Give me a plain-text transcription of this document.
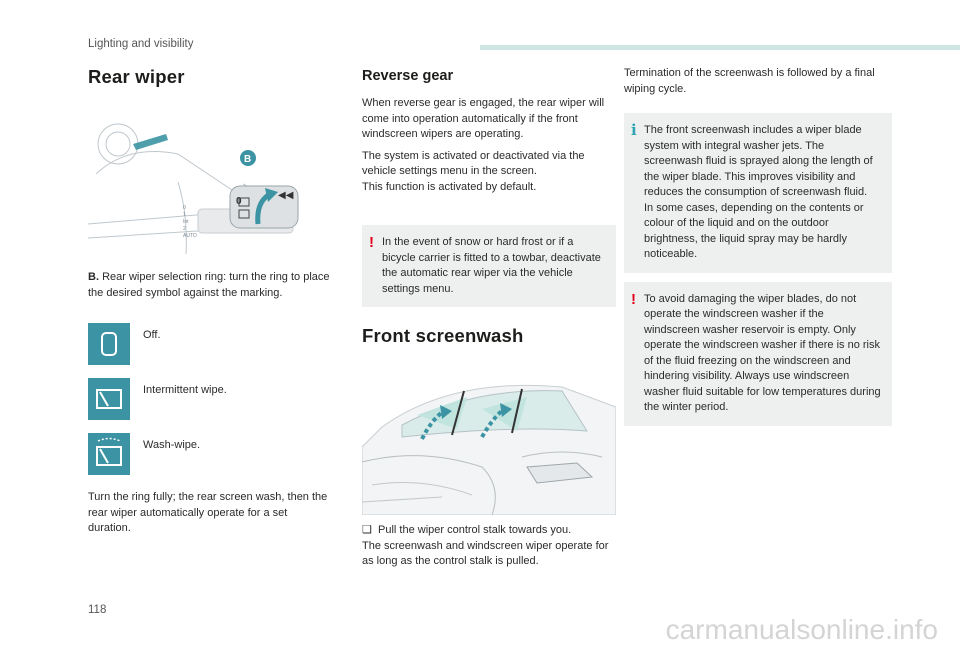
Lighting and visibility
Rear wiper
0
1
Int
2
AUTO
0
◀◀
B

B. Rear wiper selection ring: turn the ring to place the desired symbol against the marking.

Off.
Intermittent wipe.
Wash-wipe.

Turn the ring fully; the rear screen wash, then the rear wiper automatically operate for a set duration.

Reverse gear

When reverse gear is engaged, the rear wiper will come into operation automatically if the front windscreen wipers are operating.

The system is activated or deactivated via the vehicle settings menu in the screen.

This function is activated by default.

! In the event of snow or hard frost or if a bicycle carrier is fitted to a towbar, deactivate the automatic rear wiper via the vehicle settings menu.

Front screenwash

❑ Pull the wiper control stalk towards you.

The screenwash and windscreen wiper operate for as long as the control stalk is pulled.

Termination of the screenwash is followed by a final wiping cycle.

i The front screenwash includes a wiper blade system with integral washer jets. The screenwash fluid is sprayed along the length of the wiper blade. This improves visibility and reduces the consumption of screenwash fluid.

In some cases, depending on the contents or colour of the liquid and on the outdoor brightness, the liquid spray may be hardly noticeable.

! To avoid damaging the wiper blades, do not operate the windscreen washer if the windscreen washer reservoir is empty. Only operate the windscreen washer if there is no risk of the fluid freezing on the windscreen and hindering visibility. Always use windscreen washer fluid suitable for low temperatures during the winter period.

118
carmanualsonline.info
